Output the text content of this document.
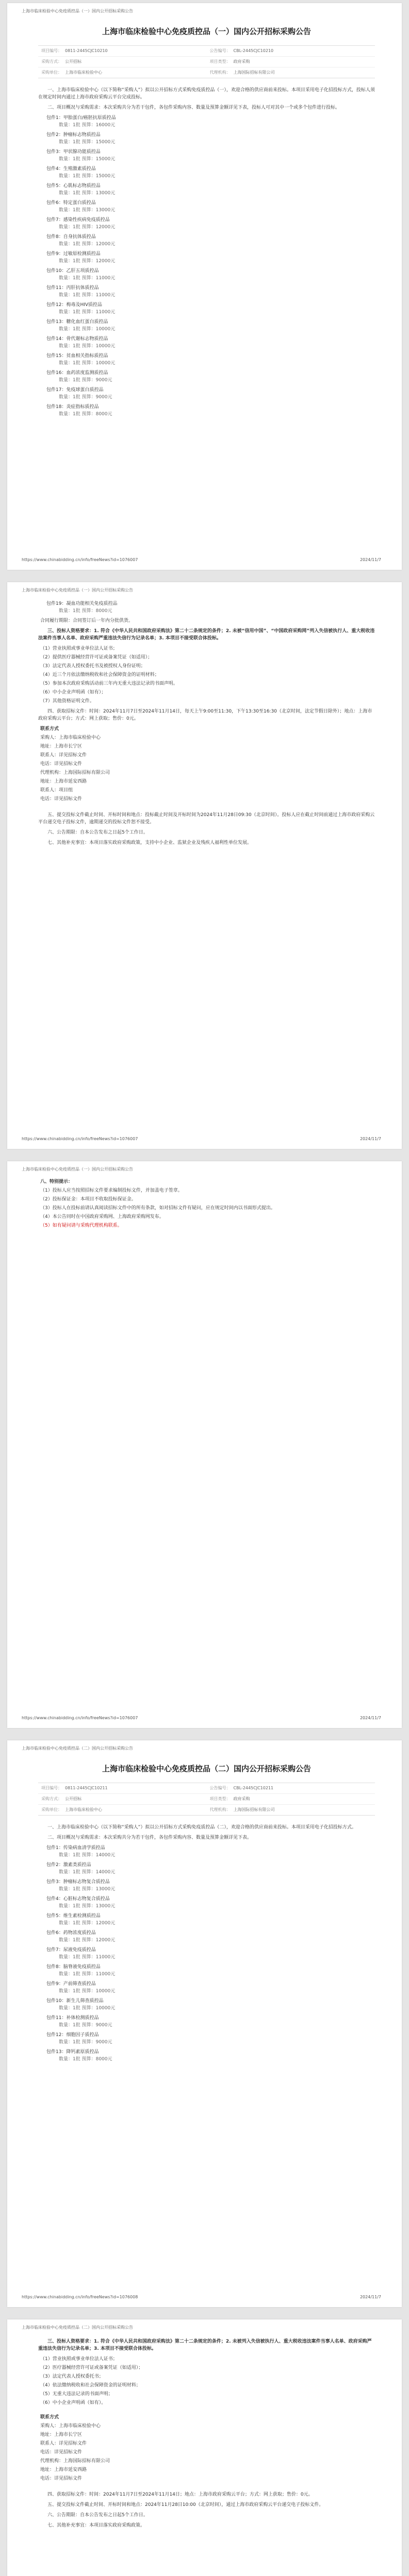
上海市临床检验中心免疫质控品（一）国内公开招标采购公告
上海市临床检验中心免疫质控品（一）国内公开招标采购公告
项目编号： 0811-2445CJC10210	公告编号： CBL-2445CJC10210
采购方式： 公开招标	项目类型： 政府采购
采购单位： 上海市临床检验中心	代理机构： 上海国际招标有限公司
一、上海市临床检验中心（以下简称“采购人”）拟以公开招标方式采购免疫质控品（一），欢迎合格的供应商前来投标。本项目采用电子化招投标方式，投标人须在规定时间内通过上海市政府采购云平台完成投标。
二、项目概况与采购需求：本次采购共分为若干包件，各包件采购内容、数量及预算金额详见下表，投标人可对其中一个或多个包件进行投标。
包件1：甲胎蛋白/癌胚抗原质控品
数量：1批 预算：16000元
包件2：肿瘤标志物质控品
数量：1批 预算：15000元
包件3：甲状腺功能质控品
数量：1批 预算：15000元
包件4：生殖激素质控品
数量：1批 预算：15000元
包件5：心肌标志物质控品
数量：1批 预算：13000元
包件6：特定蛋白质控品
数量：1批 预算：13000元
包件7：感染性疾病免疫质控品
数量：1批 预算：12000元
包件8：自身抗体质控品
数量：1批 预算：12000元
包件9：过敏原检测质控品
数量：1批 预算：12000元
包件10：乙肝五项质控品
数量：1批 预算：11000元
包件11：丙肝抗体质控品
数量：1批 预算：11000元
包件12：梅毒及HIV质控品
数量：1批 预算：11000元
包件13：糖化血红蛋白质控品
数量：1批 预算：10000元
包件14：骨代谢标志物质控品
数量：1批 预算：10000元
包件15：贫血相关指标质控品
数量：1批 预算：10000元
包件16：血药浓度监测质控品
数量：1批 预算：9000元
包件17：免疫球蛋白质控品
数量：1批 预算：9000元
包件18：炎症指标质控品
数量：1批 预算：8000元
https://www.chinabidding.cn/info/freeNews?id=1076007	2024/11/7
上海市临床检验中心免疫质控品（一）国内公开招标采购公告
包件19：凝血功能相关免疫质控品
数量：1批 预算：8000元
合同履行期限：合同签订后一年内分批供货。
三、投标人资格要求：1. 符合《中华人民共和国政府采购法》第二十二条规定的条件；2. 未被“信用中国”、“中国政府采购网”列入失信被执行人、重大税收违法案件当事人名单、政府采购严重违法失信行为记录名单；3. 本项目不接受联合体投标。
（1）营业执照或事业单位法人证书；
（2）提供医疗器械经营许可证或备案凭证（如适用）；
（3）法定代表人授权委托书及被授权人身份证明；
（4）近三个月依法缴纳税收和社会保障资金的证明材料；
（5）参加本次政府采购活动前三年内无重大违法记录的书面声明。
（6）中小企业声明函（如有）；
（7）其他资格证明文件。
四、获取招标文件：时间：2024年11月7日至2024年11月14日，每天上午9:00至11:30，下午13:30至16:30（北京时间，法定节假日除外）；地点：上海市政府采购云平台；方式：网上获取；售价：0元。
联系方式
采购人：上海市临床检验中心
地址：上海市长宁区
联系人：详见招标文件
电话：详见招标文件
代理机构：上海国际招标有限公司
地址：上海市延安西路
联系人：项目组
电话：详见招标文件
五、提交投标文件截止时间、开标时间和地点：投标截止时间及开标时间为2024年11月28日09:30（北京时间）。投标人应在截止时间前通过上海市政府采购云平台递交电子投标文件，逾期递交的投标文件恕不接受。
六、公告期限：自本公告发布之日起5个工作日。
七、其他补充事宜：本项目落实政府采购政策，支持中小企业、监狱企业及残疾人福利性单位发展。
https://www.chinabidding.cn/info/freeNews?id=1076007	2024/11/7
上海市临床检验中心免疫质控品（一）国内公开招标采购公告
八、特别提示：
（1）投标人应当按照招标文件要求编制投标文件，并加盖电子签章。
（2）投标保证金：本项目不收取投标保证金。
（3）投标人在投标前请认真阅读招标文件中的所有条款，如对招标文件有疑问，应在规定时间内以书面形式提出。
（4）本公告同时在中国政府采购网、上海政府采购网发布。
（5）如有疑问请与采购代理机构联系。
https://www.chinabidding.cn/info/freeNews?id=1076007	2024/11/7
上海市临床检验中心免疫质控品（二）国内公开招标采购公告
上海市临床检验中心免疫质控品（二）国内公开招标采购公告
项目编号： 0811-2445CJC10211	公告编号： CBL-2445CJC10211
采购方式： 公开招标	项目类型： 政府采购
采购单位： 上海市临床检验中心	代理机构： 上海国际招标有限公司
一、上海市临床检验中心（以下简称“采购人”）拟以公开招标方式采购免疫质控品（二），欢迎合格的供应商前来投标。本项目采用电子化招投标方式。
二、项目概况与采购需求：本次采购共分为若干包件，各包件采购内容、数量及预算金额详见下表。
包件1：传染病血清学质控品
数量：1批 预算：14000元
包件2：激素类质控品
数量：1批 预算：14000元
包件3：肿瘤标志物复合质控品
数量：1批 预算：13000元
包件4：心脏标志物复合质控品
数量：1批 预算：13000元
包件5：维生素检测质控品
数量：1批 预算：12000元
包件6：药物浓度质控品
数量：1批 预算：12000元
包件7：尿液免疫质控品
数量：1批 预算：11000元
包件8：脑脊液免疫质控品
数量：1批 预算：11000元
包件9：产前筛查质控品
数量：1批 预算：10000元
包件10：新生儿筛查质控品
数量：1批 预算：10000元
包件11：补体检测质控品
数量：1批 预算：9000元
包件12：细胞因子质控品
数量：1批 预算：9000元
包件13：降钙素原质控品
数量：1批 预算：8000元
https://www.chinabidding.cn/info/freeNews?id=1076008	2024/11/7
上海市临床检验中心免疫质控品（二）国内公开招标采购公告
三、投标人资格要求：1. 符合《中华人民共和国政府采购法》第二十二条规定的条件；2. 未被列入失信被执行人、重大税收违法案件当事人名单、政府采购严重违法失信行为记录名单；3. 本项目不接受联合体投标。
（1）营业执照或事业单位法人证书；
（2）医疗器械经营许可证或备案凭证（如适用）；
（3）法定代表人授权委托书；
（4）依法缴纳税收和社会保障资金的证明材料；
（5）无重大违法记录的书面声明；
（6）中小企业声明函（如有）。
联系方式
采购人：上海市临床检验中心
地址：上海市长宁区
联系人：详见招标文件
电话：详见招标文件
代理机构：上海国际招标有限公司
地址：上海市延安西路
电话：详见招标文件
四、获取招标文件：时间：2024年11月7日至2024年11月14日；地点：上海市政府采购云平台；方式：网上获取；售价：0元。
五、提交投标文件截止时间、开标时间和地点：2024年11月28日10:00（北京时间），通过上海市政府采购云平台递交电子投标文件。
六、公告期限：自本公告发布之日起5个工作日。
七、其他补充事宜：本项目落实政府采购政策。
